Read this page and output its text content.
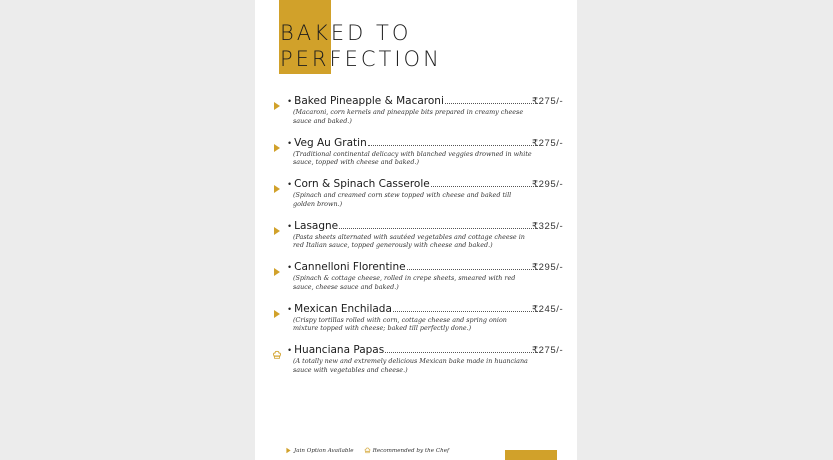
BAKED TO
PERFECTION
• Baked Pineapple & Macaroni	₹275/-

(Macaroni, corn kernels and pineapple bits prepared in creamy cheese sauce and baked.)

• Veg Au Gratin	₹275/-

(Traditional continental delicacy with blanched veggies drowned in white sauce, topped with cheese and baked.)

• Corn & Spinach Casserole	₹295/-

(Spinach and creamed corn stew topped with cheese and baked till golden brown.)

• Lasagne	₹325/-

(Pasta sheets alternated with sautéed vegetables and cottage cheese in red Italian sauce, topped generously with cheese and baked.)

• Cannelloni Florentine	₹295/-

(Spinach & cottage cheese, rolled in crepe sheets, smeared with red sauce, cheese sauce and baked.)

• Mexican Enchilada	₹245/-

(Crispy tortillas rolled with corn, cottage cheese and spring onion mixture topped with cheese; baked till perfectly done.)

• Huanciana Papas	₹275/-

(A totally new and extremely delicious Mexican bake made in huanciana sauce with vegetables and cheese.)

Jain Option Available	Recommended by the Chef
